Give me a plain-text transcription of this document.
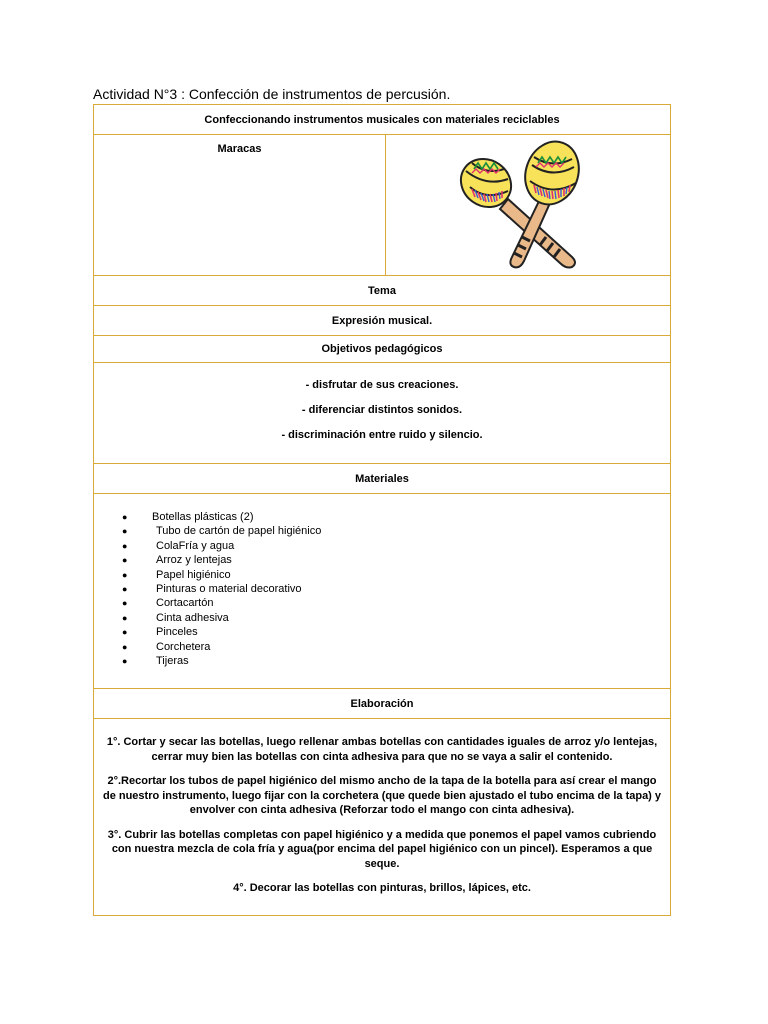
Actividad N°3 : Confección de instrumentos de percusión.
Confeccionando instrumentos musicales con materiales reciclables
Maracas	

Tema
Expresión musical.
Objetivos pedagógicos

- disfrutar de sus creaciones.

- diferenciar distintos sonidos.

- discriminación entre ruido y silencio.

Materiales

● Botellas plásticas (2)
●	Tubo de cartón de papel higiénico
●	ColaFría y agua
●	Arroz y lentejas
●	Papel higiénico
●	Pinturas o material decorativo
●	Cortacartón
●	Cinta adhesiva
●	Pinceles
●	Corchetera
●	Tijeras

Elaboración

1°. Cortar y secar las botellas, luego rellenar ambas botellas con cantidades iguales de arroz y/o lentejas, cerrar muy bien las botellas con cinta adhesiva para que no se vaya a salir el contenido.

2°.Recortar los tubos de papel higiénico del mismo ancho de la tapa de la botella para así crear el mango de nuestro instrumento, luego fijar con la corchetera (que quede bien ajustado el tubo encima de la tapa) y envolver con cinta adhesiva (Reforzar todo el mango con cinta adhesiva).

3°. Cubrir las botellas completas con papel higiénico y a medida que ponemos el papel vamos cubriendo con nuestra mezcla de cola fría y agua(por encima del papel higiénico con un pincel). Esperamos a que seque.

4°. Decorar las botellas con pinturas, brillos, lápices, etc.
